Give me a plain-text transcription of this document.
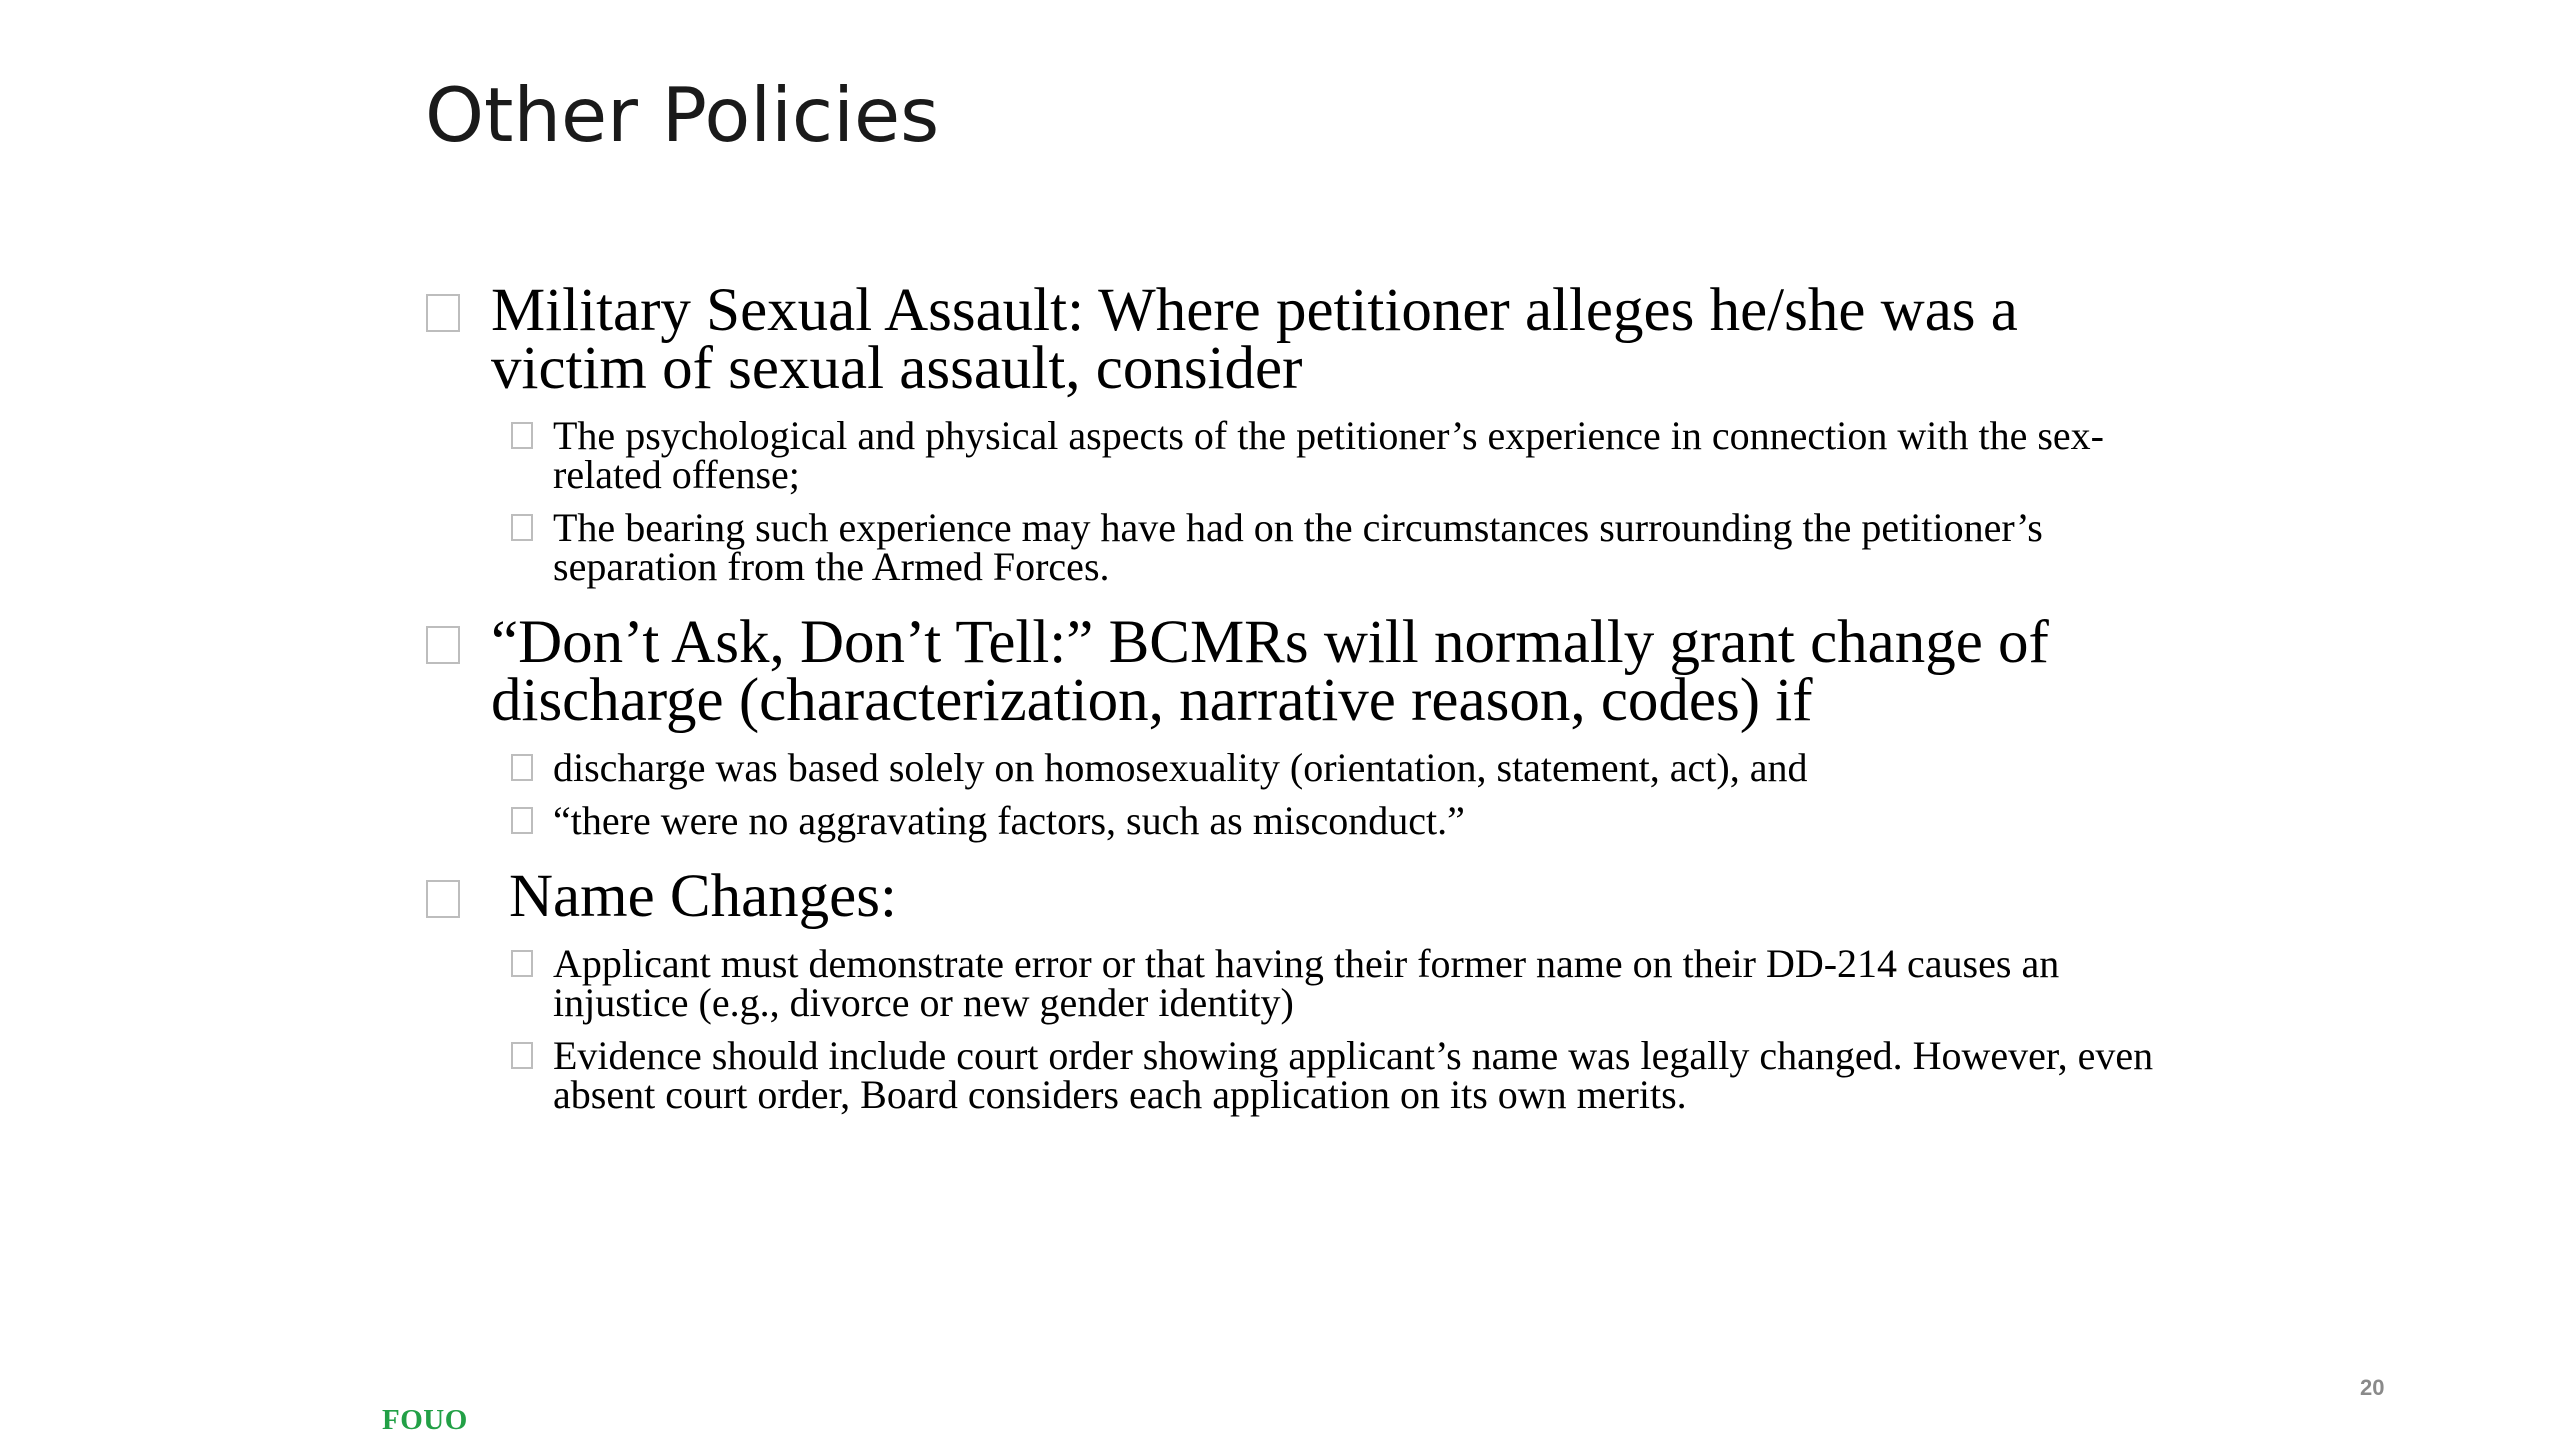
Other Policies
Military Sexual Assault: Where petitioner alleges he/she was a victim of sexual assault, consider
The psychological and physical aspects of the petitioner’s experience in connection with the sex-related offense;
The bearing such experience may have had on the circumstances surrounding the petitioner’s separation from the Armed Forces.
“Don’t Ask, Don’t Tell:” BCMRs will normally grant change of discharge (characterization, narrative reason, codes) if
discharge was based solely on homosexuality (orientation, statement, act), and
“there were no aggravating factors, such as misconduct.”
Name Changes:
Applicant must demonstrate error or that having their former name on their DD-214 causes an injustice (e.g., divorce or new gender identity)
Evidence should include court order showing applicant’s name was legally changed. However, even absent court order, Board considers each application on its own merits.
FOUO
20
